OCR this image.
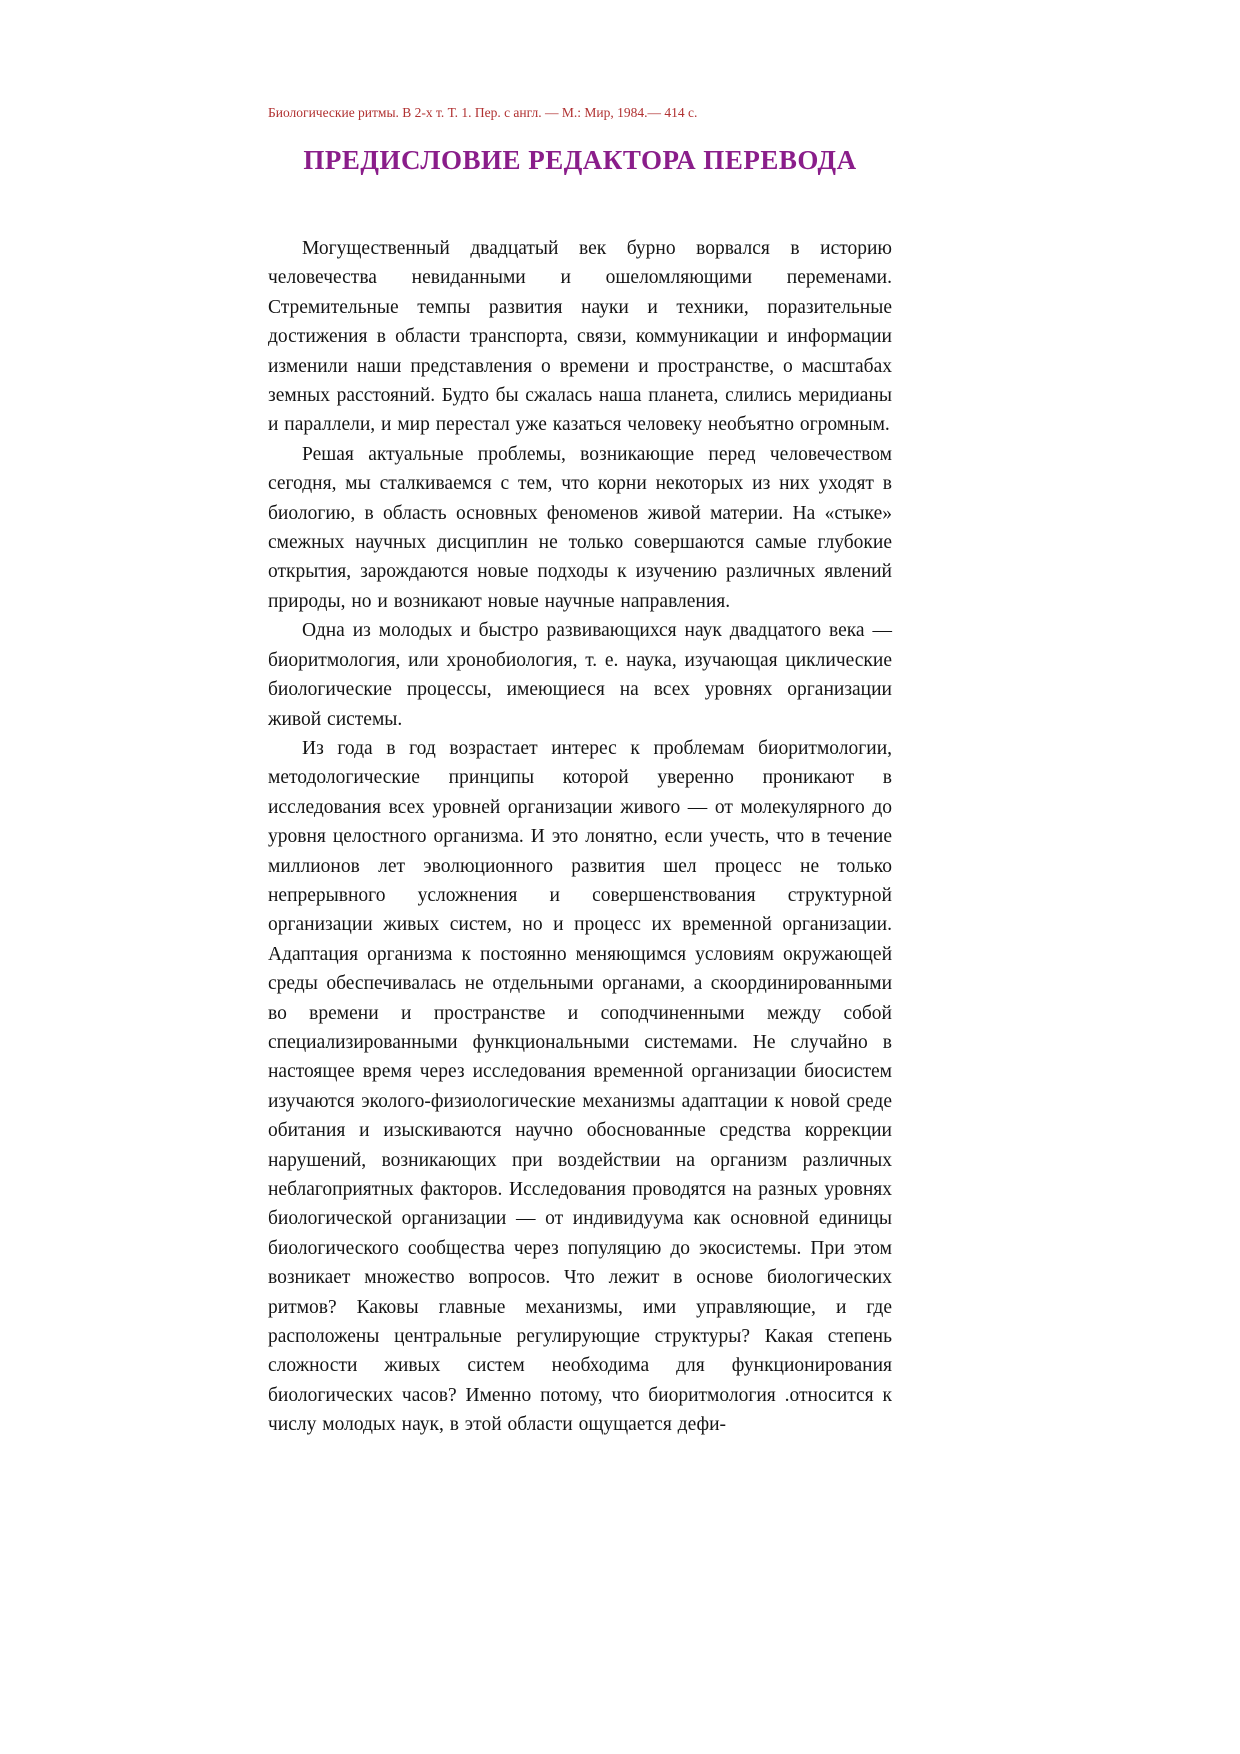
Биологические ритмы. В 2-х т. Т. 1. Пер. с англ. — М.: Мир, 1984.— 414 с.
ПРЕДИСЛОВИЕ РЕДАКТОРА ПЕРЕВОДА

Могущественный двадцатый век бурно ворвался в историю человечества невиданными и ошеломляющими переменами. Стремительные темпы развития науки и техники, поразительные достижения в области транспорта, связи, коммуникации и информации изменили наши представления о времени и пространстве, о масштабах земных расстояний. Будто бы сжалась наша планета, слились меридианы и параллели, и мир перестал уже казаться человеку необъятно огромным.

Решая актуальные проблемы, возникающие перед человечеством сегодня, мы сталкиваемся с тем, что корни некоторых из них уходят в биологию, в область основных феноменов живой материи. На «стыке» смежных научных дисциплин не только совершаются самые глубокие открытия, зарождаются новые подходы к изучению различных явлений природы, но и возникают новые научные направления.

Одна из молодых и быстро развивающихся наук двадцатого века — биоритмология, или хронобиология, т. е. наука, изучающая циклические биологические процессы, имеющиеся на всех уровнях организации живой системы.

Из года в год возрастает интерес к проблемам биоритмологии, методологические принципы которой уверенно проникают в исследования всех уровней организации живого — от молекулярного до уровня целостного организма. И это лонятно, если учесть, что в течение миллионов лет эволюционного развития шел процесс не только непрерывного усложнения и совершенствования структурной организации живых систем, но и процесс их временной организации. Адаптация организма к постоянно меняющимся условиям окружающей среды обеспечивалась не отдельными органами, а скоординированными во времени и пространстве и соподчиненными между собой специализированными функциональными системами. Не случайно в настоящее время через исследования временной организации биосистем изучаются эколого-физиологические механизмы адаптации к новой среде обитания и изыскиваются научно обоснованные средства коррекции нарушений, возникающих при воздействии на организм различных неблагоприятных факторов. Исследования проводятся на разных уровнях биологической организации — от индивидуума как основной единицы биологического сообщества через популяцию до экосистемы. При этом возникает множество вопросов. Что лежит в основе биологических ритмов? Каковы главные механизмы, ими управляющие, и где расположены центральные регулирующие структуры? Какая степень сложности живых систем необходима для функционирования биологических часов? Именно потому, что биоритмология .относится к числу молодых наук, в этой области ощущается дефи-
